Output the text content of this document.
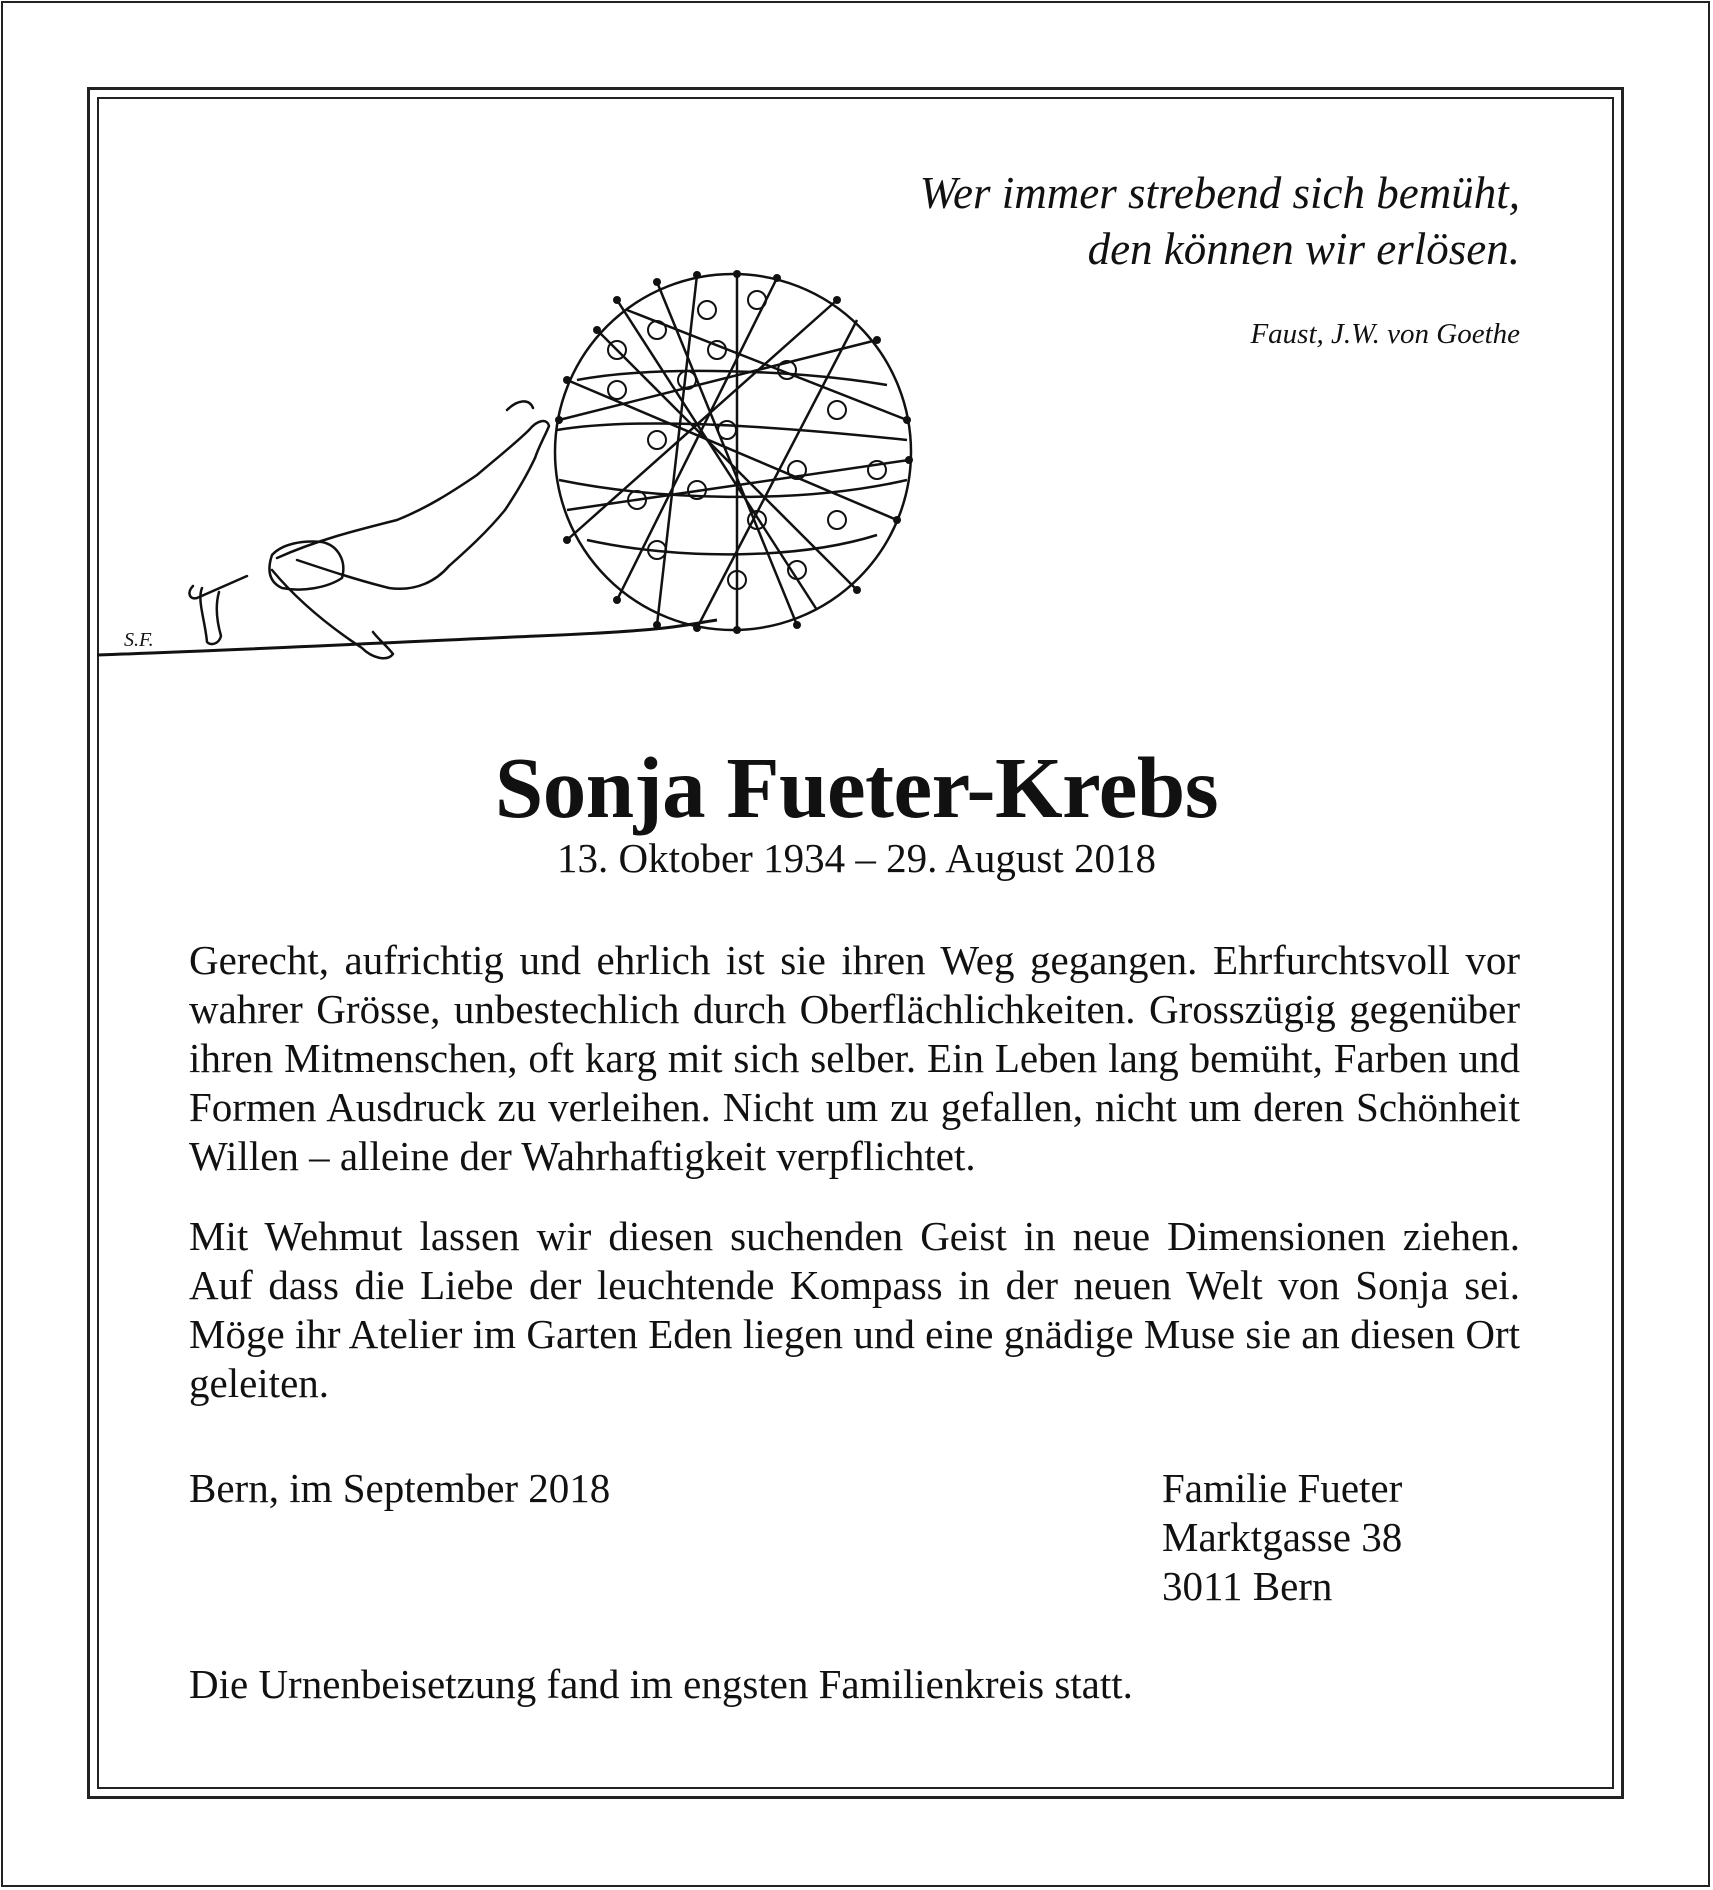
Wer immer strebend sich bemüht,
den können wir erlösen.
Faust, J.W. von Goethe
S.F.
Sonja Fueter-Krebs
13. Oktober 1934 – 29. August 2018

Gerecht, aufrichtig und ehrlich ist sie ihren Weg gegangen. Ehrfurchtsvoll vor wahrer Grösse, unbestechlich durch Oberflächlichkeiten. Grosszügig gegenüber ihren Mitmenschen, oft karg mit sich selber. Ein Leben lang bemüht, Farben und Formen Ausdruck zu verleihen. Nicht um zu gefallen, nicht um deren Schönheit Willen – alleine der Wahrhaftigkeit verpflichtet.

Mit Wehmut lassen wir diesen suchenden Geist in neue Dimensionen ziehen. Auf dass die Liebe der leuchtende Kompass in der neuen Welt von Sonja sei. Möge ihr Atelier im Garten Eden liegen und eine gnädige Muse sie an diesen Ort geleiten.

Bern, im September 2018	Familie Fueter
Marktgasse 38
3011 Bern
Die Urnenbeisetzung fand im engsten Familienkreis statt.
